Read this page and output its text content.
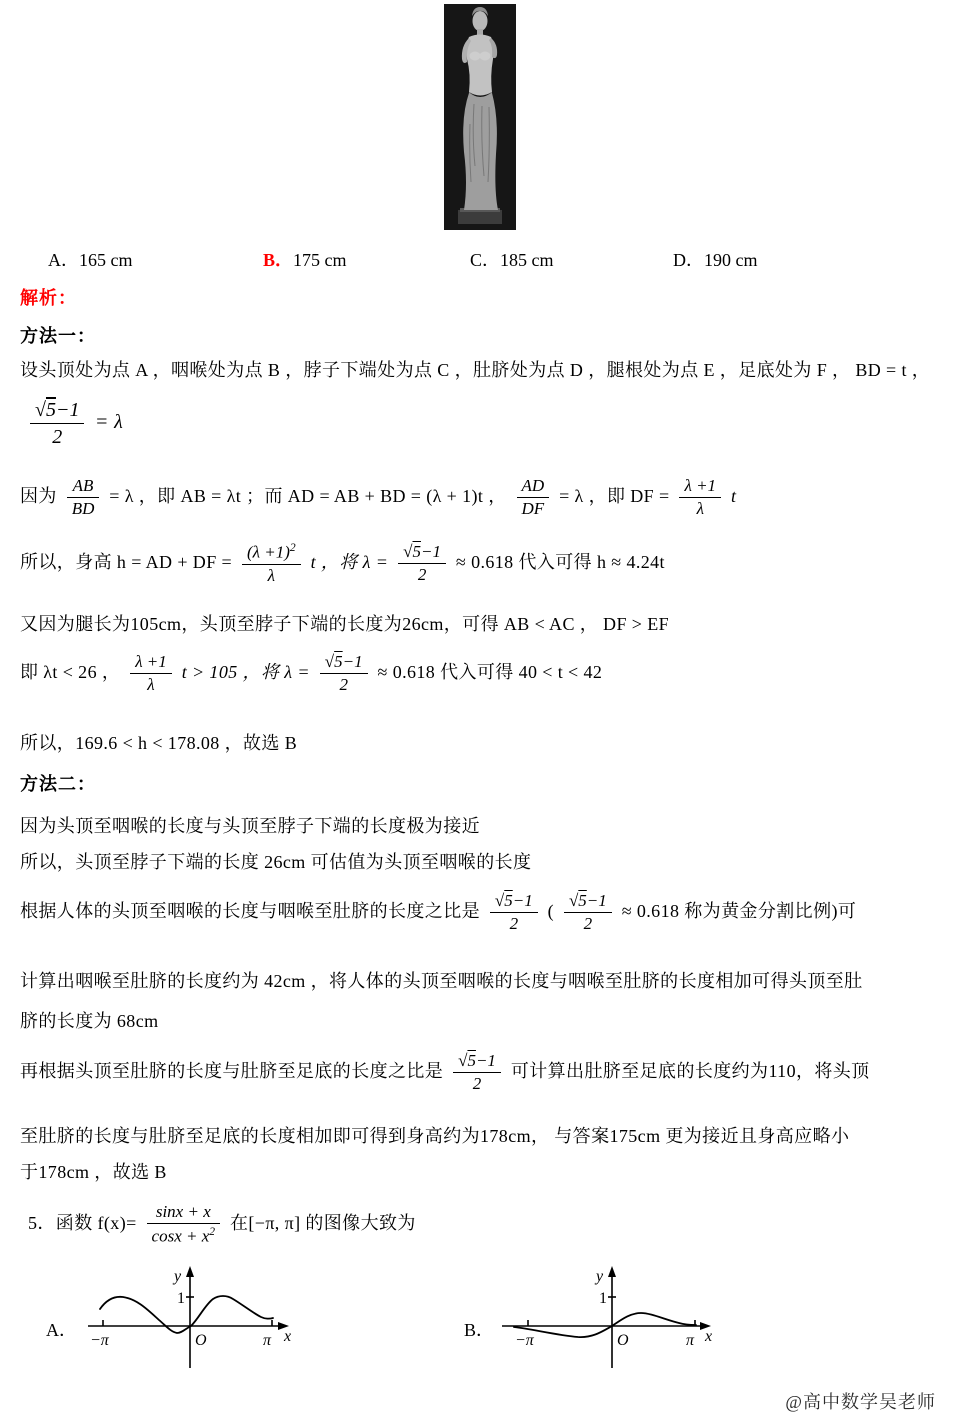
A．165 cm	B．175 cm	C．185 cm	D．190 cm
解析：
方法一：
设头顶处为点 A ，咽喉处为点 B ，脖子下端处为点 C ，肚脐处为点 D ，腿根处为点 E ，足底处为 F ， BD = t ，
$\frac{√5-1}{2} = \lambda$
因为 $\frac{AB}{BD} = \lambda$ ，即 AB = λt ；而 AD = AB + BD = (λ + 1)t ， $\frac{AD}{DF} = \lambda$ ，即 DF = $\frac{\lambda +1}{\lambda}$ t
所以，身高 h = AD + DF = $\frac{(\lambda +1)^2}{\lambda}$ t ，将 $\lambda = \frac{√5-1}{2} \approx 0.618$ 代入可得 h ≈ 4.24t
又因为腿长为105cm，头顶至脖子下端的长度为26cm，可得 AB < AC ， DF > EF
即 λt < 26 ， $\frac{\lambda +1}{\lambda}$ t > 105 ，将 $\lambda = \frac{√5-1}{2} \approx 0.618$ 代入可得 40 < t < 42
所以，169.6 < h < 178.08 ，故选 B
方法二：
因为头顶至咽喉的长度与头顶至脖子下端的长度极为接近
所以，头顶至脖子下端的长度 26cm 可估值为头顶至咽喉的长度
根据人体的头顶至咽喉的长度与咽喉至肚脐的长度之比是 $\frac{√5-1}{2}$ ( $\frac{√5-1}{2} \approx 0.618$ 称为黄金分割比例)可
计算出咽喉至肚脐的长度约为 42cm ，将人体的头顶至咽喉的长度与咽喉至肚脐的长度相加可得头顶至肚
脐的长度为 68cm
再根据头顶至肚脐的长度与肚脐至足底的长度之比是 $\frac{√5-1}{2}$ 可计算出肚脐至足底的长度约为110，将头顶
至肚脐的长度与肚脐至足底的长度相加即可得到身高约为178cm， 与答案175cm 更为接近且身高应略小
于178cm ，故选 B
5．函数 $f(x)= \frac{\sin x + x}{\cos x + x^2}$ 在[−π, π] 的图像大致为
A．
y
1
−π	O	π x	B．
y
1
−π	O	π x
@高中数学吴老师
